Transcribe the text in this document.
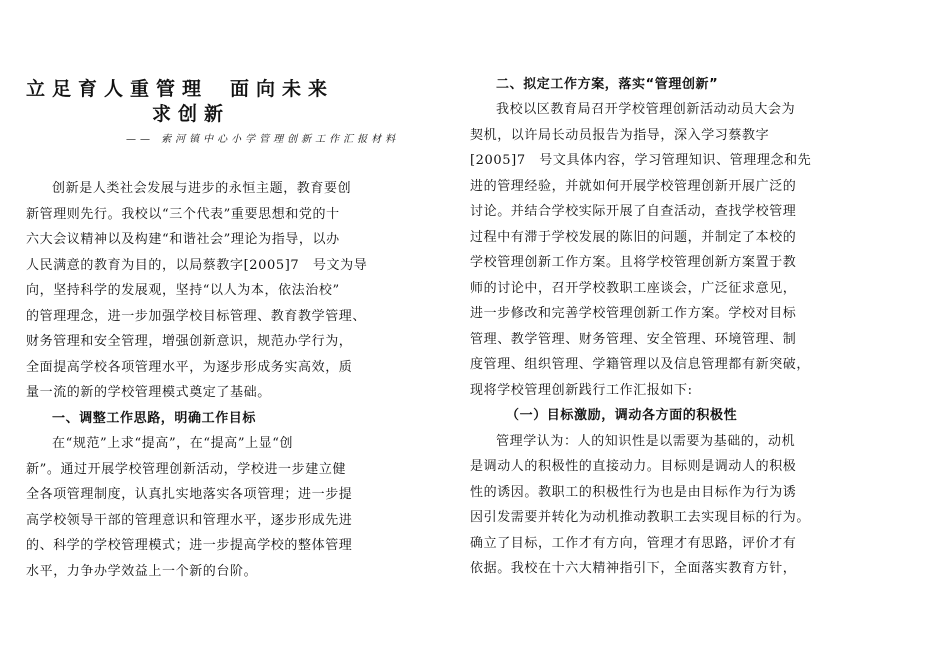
立足育人重管理 面向未来
求创新
—— 索河镇中心小学管理创新工作汇报材料
创新是人类社会发展与进步的永恒主题，教育要创
新管理则先行。我校以“三个代表”重要思想和党的十
六大会议精神以及构建“和谐社会”理论为指导，以办
人民满意的教育为目的，以局蔡教字[2005]7　号文为导
向，坚持科学的发展观，坚持“以人为本，依法治校”
的管理理念，进一步加强学校目标管理、教育教学管理、
财务管理和安全管理，增强创新意识，规范办学行为，
全面提高学校各项管理水平，为逐步形成务实高效，质
量一流的新的学校管理模式奠定了基础。
一、调整工作思路，明确工作目标
在“规范”上求“提高”，在“提高”上显“创
新”。通过开展学校管理创新活动，学校进一步建立健
全各项管理制度，认真扎实地落实各项管理；进一步提
高学校领导干部的管理意识和管理水平，逐步形成先进
的、科学的学校管理模式；进一步提高学校的整体管理
水平，力争办学效益上一个新的台阶。
二、拟定工作方案，落实“管理创新”
我校以区教育局召开学校管理创新活动动员大会为
契机，以许局长动员报告为指导，深入学习蔡教字
[2005]7　号文具体内容，学习管理知识、管理理念和先
进的管理经验，并就如何开展学校管理创新开展广泛的
讨论。并结合学校实际开展了自查活动，查找学校管理
过程中有滞于学校发展的陈旧的问题，并制定了本校的
学校管理创新工作方案。且将学校管理创新方案置于教
师的讨论中，召开学校教职工座谈会，广泛征求意见，
进一步修改和完善学校管理创新工作方案。学校对目标
管理、教学管理、财务管理、安全管理、环境管理、制
度管理、组织管理、学籍管理以及信息管理都有新突破，
现将学校管理创新践行工作汇报如下:
（一）目标激励，调动各方面的积极性
管理学认为：人的知识性是以需要为基础的，动机
是调动人的积极性的直接动力。目标则是调动人的积极
性的诱因。教职工的积极性行为也是由目标作为行为诱
因引发需要并转化为动机推动教职工去实现目标的行为。
确立了目标，工作才有方向，管理才有思路，评价才有
依据。我校在十六大精神指引下，全面落实教育方针，
